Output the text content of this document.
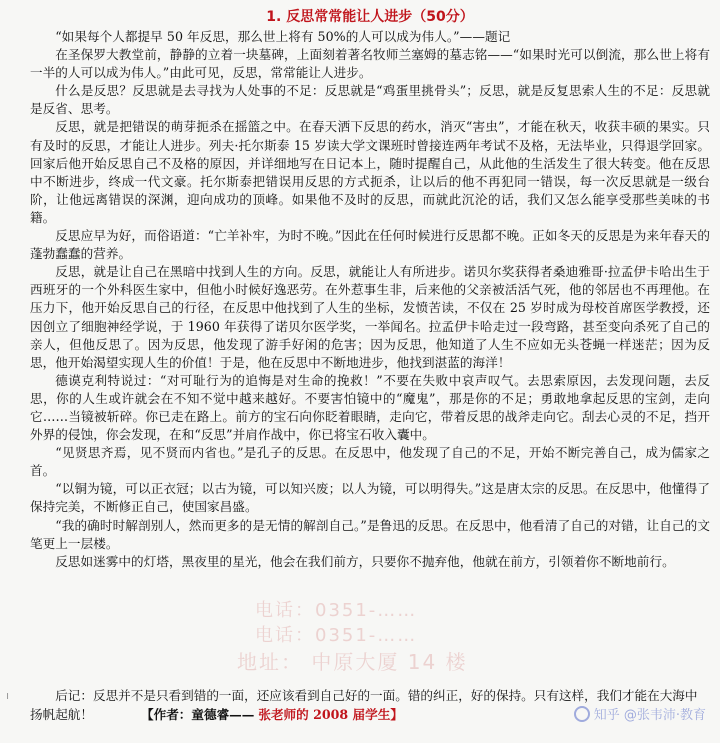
1. 反思常常能让人进步（50分）

“如果每个人都提早 50 年反思，那么世上将有 50%的人可以成为伟人。”——题记

在圣保罗大教堂前，静静的立着一块墓碑，上面刻着著名牧师兰塞姆的墓志铭——“如果时光可以倒流，那么世上将有一半的人可以成为伟人。”由此可见，反思，常常能让人进步。

什么是反思？反思就是去寻找为人处事的不足：反思就是“鸡蛋里挑骨头”；反思，就是反复思索人生的不足：反思就是反省、思考。

反思，就是把错误的萌芽扼杀在摇篮之中。在春天洒下反思的药水，消灭“害虫”，才能在秋天，收获丰硕的果实。只有及时的反思，才能让人进步。列夫·托尔斯泰 15 岁读大学文课班时曾接连两年考试不及格，无法毕业，只得退学回家。回家后他开始反思自己不及格的原因，并详细地写在日记本上，随时提醒自己，从此他的生活发生了很大转变。他在反思中不断进步，终成一代文豪。托尔斯泰把错误用反思的方式扼杀，让以后的他不再犯同一错误，每一次反思就是一级台阶，让他远离错误的深渊，迎向成功的顶峰。如果他不及时的反思，而就此沉沦的话，我们又怎么能享受那些美味的书籍。

反思应早为好，而俗语道：“亡羊补牢，为时不晚。”因此在任何时候进行反思都不晚。正如冬天的反思是为来年春天的蓬勃蠢蠢的营养。

反思，就是让自己在黑暗中找到人生的方向。反思，就能让人有所进步。诺贝尔奖获得者桑迪雅哥·拉孟伊卡哈出生于西班牙的一个外科医生家中，但他小时候好逸恶劳。在外惹事生非，后来他的父亲被活活气死，他的邻居也不再理他。在压力下，他开始反思自己的行径，在反思中他找到了人生的坐标，发愤苦读，不仅在 25 岁时成为母校首席医学教授，还因创立了细胞神经学说，于 1960 年获得了诺贝尔医学奖，一举闻名。拉孟伊卡哈走过一段弯路，甚至变向杀死了自己的亲人，但他反思了。因为反思，他发现了游手好闲的危害；因为反思，他知道了人生不应如无头苍蝇一样迷茫；因为反思，他开始渴望实现人生的价值！于是，他在反思中不断地进步，他找到湛蓝的海洋！

德谟克利特说过：“对可耻行为的追悔是对生命的挽救！”不要在失败中哀声叹气。去思索原因，去发现问题，去反思，你的人生或许就会在不知不觉中越来越好。不要害怕镜中的“魔鬼”，那是你的不足；勇敢地拿起反思的宝剑，走向它……当镜被斩碎。你已走在路上。前方的宝石向你眨着眼睛，走向它，带着反思的战斧走向它。刮去心灵的不足，挡开外界的侵蚀，你会发现，在和“反思”并肩作战中，你已将宝石收入囊中。

“见贤思齐焉，见不贤而内省也。”是孔子的反思。在反思中，他发现了自己的不足，开始不断完善自己，成为儒家之首。

“以铜为镜，可以正衣冠；以古为镜，可以知兴废；以人为镜，可以明得失。”这是唐太宗的反思。在反思中，他懂得了保持完美，不断修正自己，使国家昌盛。

“我的确时时解剖别人，然而更多的是无情的解剖自己。”是鲁迅的反思。在反思中，他看清了自己的对错，让自己的文笔更上一层楼。

反思如迷雾中的灯塔，黑夜里的星光，他会在我们前方，只要你不抛弃他，他就在前方，引领着你不断地前行。

电话：0351-……
电话：0351-……
地址： 中原大厦 14 楼
ı	后记：反思并不是只看到错的一面，还应该看到自己好的一面。错的纠正，好的保持。只有这样，我们才能在大海中扬帆起航！	【作者：童德睿—— 张老师的 2008 届学生】	知乎 @张韦沛·教育
